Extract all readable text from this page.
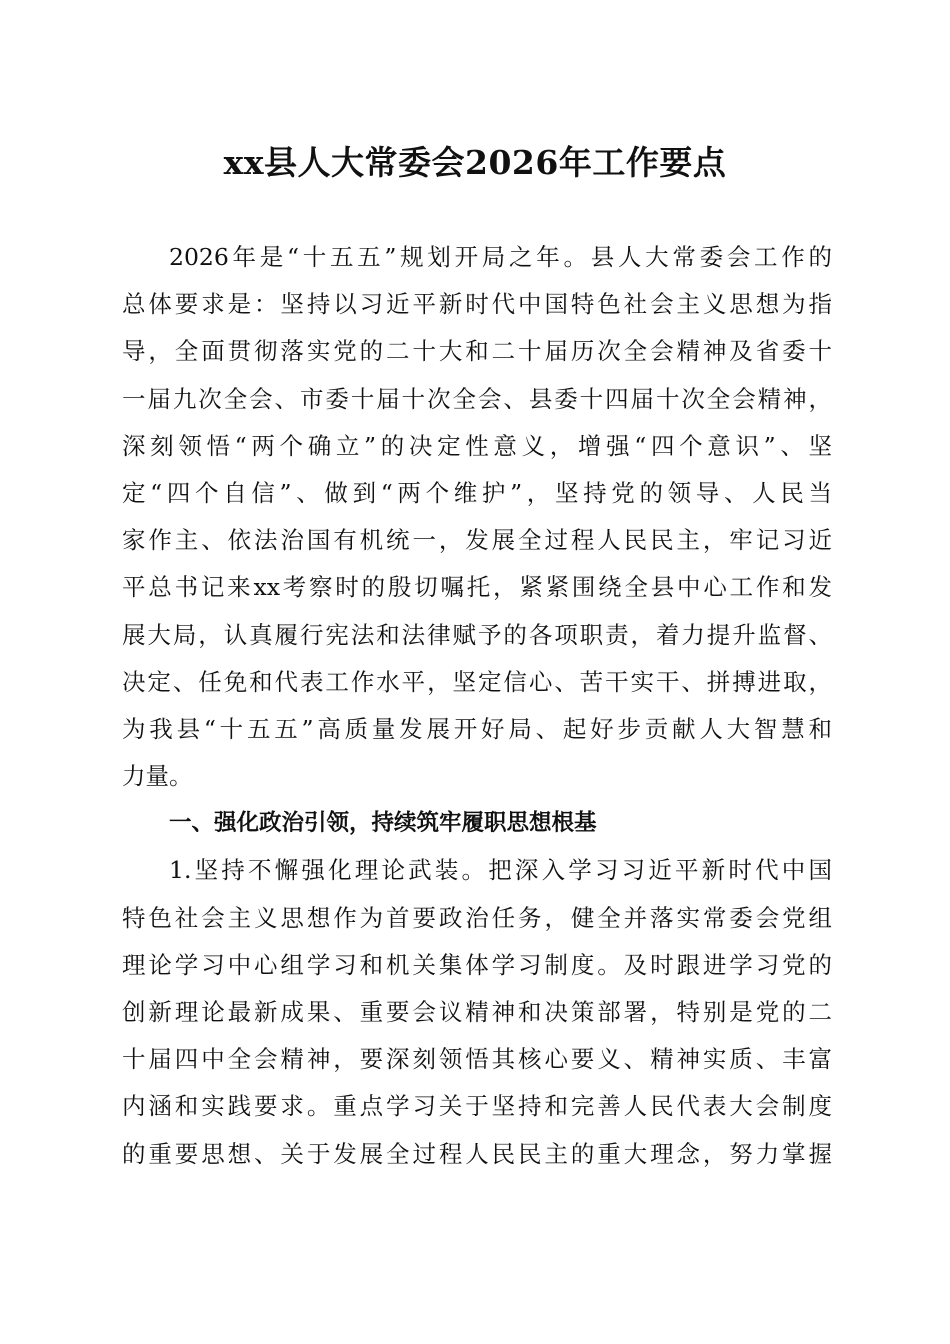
xx县人大常委会2026年工作要点
2026年是“十五五”规划开局之年。县人大常委会工作的
总体要求是：坚持以习近平新时代中国特色社会主义思想为指
导，全面贯彻落实党的二十大和二十届历次全会精神及省委十
一届九次全会、市委十届十次全会、县委十四届十次全会精神，
深刻领悟“两个确立”的决定性意义，增强“四个意识”、坚
定“四个自信”、做到“两个维护”，坚持党的领导、人民当
家作主、依法治国有机统一，发展全过程人民民主，牢记习近
平总书记来xx考察时的殷切嘱托，紧紧围绕全县中心工作和发
展大局，认真履行宪法和法律赋予的各项职责，着力提升监督、
决定、任免和代表工作水平，坚定信心、苦干实干、拼搏进取，
为我县“十五五”高质量发展开好局、起好步贡献人大智慧和
力量。
一、强化政治引领，持续筑牢履职思想根基
1.坚持不懈强化理论武装。把深入学习习近平新时代中国
特色社会主义思想作为首要政治任务，健全并落实常委会党组
理论学习中心组学习和机关集体学习制度。及时跟进学习党的
创新理论最新成果、重要会议精神和决策部署，特别是党的二
十届四中全会精神，要深刻领悟其核心要义、精神实质、丰富
内涵和实践要求。重点学习关于坚持和完善人民代表大会制度
的重要思想、关于发展全过程人民民主的重大理念，努力掌握
